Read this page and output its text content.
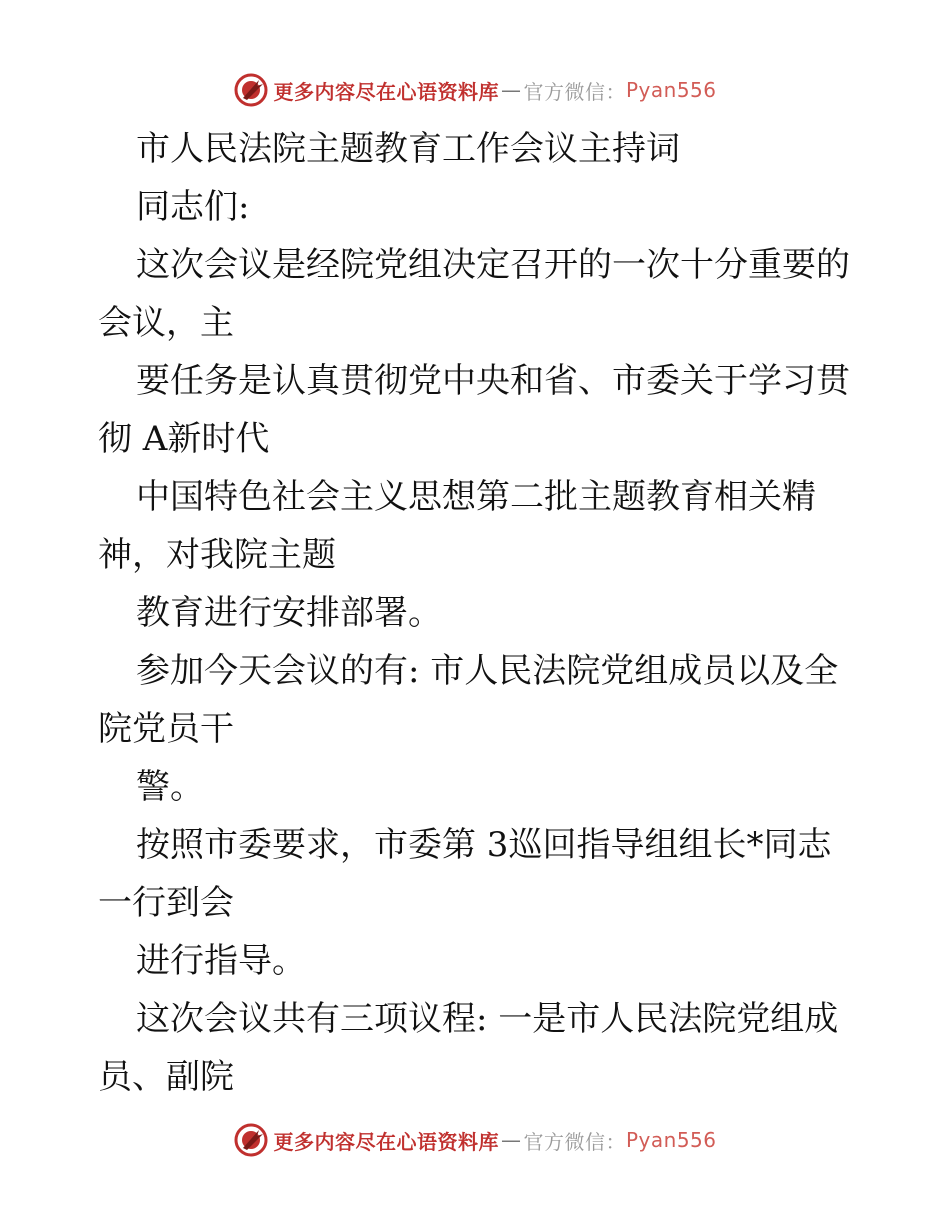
更多内容尽在心语资料库 — 官方微信： Pyan556

市人民法院主题教育工作会议主持词

同志们:

这次会议是经院党组决定召开的一次十分重要的

会议，主

要任务是认真贯彻党中央和省、市委关于学习贯

彻 A新时代

中国特色社会主义思想第二批主题教育相关精

神，对我院主题

教育进行安排部署。

参加今天会议的有: 市人民法院党组成员以及全

院党员干

警。

按照市委要求，市委第 3巡回指导组组长*同志

一行到会

进行指导。

这次会议共有三项议程: 一是市人民法院党组成

员、副院

更多内容尽在心语资料库 — 官方微信： Pyan556
